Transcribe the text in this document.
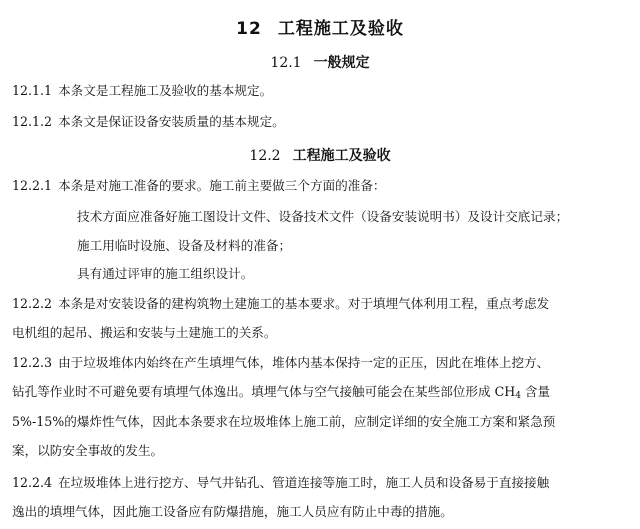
12 工程施工及验收
12.1 一般规定
12.1.1 本条文是工程施工及验收的基本规定。
12.1.2 本条文是保证设备安装质量的基本规定。
12.2 工程施工及验收
12.2.1 本条是对施工准备的要求。施工前主要做三个方面的准备：
技术方面应准备好施工图设计文件、设备技术文件（设备安装说明书）及设计交底记录；
施工用临时设施、设备及材料的准备；
具有通过评审的施工组织设计。
12.2.2 本条是对安装设备的建构筑物土建施工的基本要求。对于填埋气体利用工程，重点考虑发
电机组的起吊、搬运和安装与土建施工的关系。
12.2.3 由于垃圾堆体内始终在产生填埋气体，堆体内基本保持一定的正压，因此在堆体上挖方、
钻孔等作业时不可避免要有填埋气体逸出。填埋气体与空气接触可能会在某些部位形成 $CH_4$ 含量
5%-15%的爆炸性气体，因此本条要求在垃圾堆体上施工前，应制定详细的安全施工方案和紧急预
案，以防安全事故的发生。
12.2.4 在垃圾堆体上进行挖方、导气井钻孔、管道连接等施工时，施工人员和设备易于直接接触
逸出的填埋气体，因此施工设备应有防爆措施，施工人员应有防止中毒的措施。
